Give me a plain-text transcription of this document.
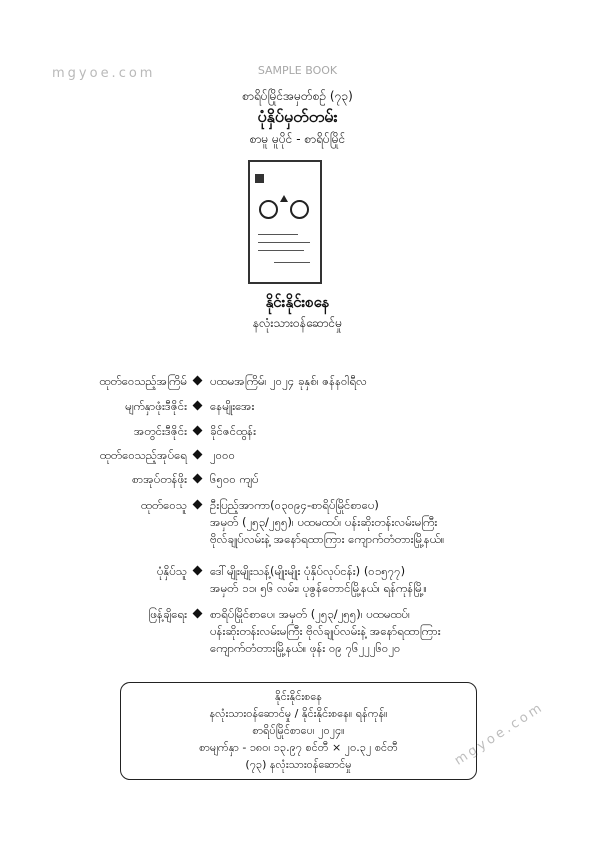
mgyoe.com	SAMPLE BOOK
mgyoe.com
စာရိပ်မြိုင်အမှတ်စဉ် (၇၃)
ပုံနှိပ်မှတ်တမ်း
စာမူ မူပိုင် - စာရိပ်မြိုင်
နိုင်းနိုင်းစနေ
နလုံးသားဝန်ဆောင်မှု
ထုတ်ဝေသည့်အကြိမ် ပထမအကြိမ်၊ ၂၀၂၄ ခုနှစ်၊ ဇန်နဝါရီလ
မျက်နှာဖုံးဒီဇိုင်း နေမျိုးအေး
အတွင်းဒီဇိုင်း ခိုင်ဇင်ထွန်း
ထုတ်ဝေသည့်အုပ်ရေ ၂၀၀၀
စာအုပ်တန်ဖိုး ၆၅၀၀ ကျပ်
ထုတ်ဝေသူ ဦးပြည့်အာကာ(၀၃၀၉၄-စာရိပ်မြိုင်စာပေ)
အမှတ် (၂၅၃/၂၅၅)၊ ပထမထပ်၊ ပန်းဆိုးတန်းလမ်းမကြီး
ဗိုလ်ချုပ်လမ်းနဲ့ အနော်ရထာကြား ကျောက်တံတားမြို့နယ်။
ပုံနှိပ်သူ ဒေါ်မျိုးမျိုးသန့်(မျိုးမျိုး ပုံနှိပ်လုပ်ငန်း) (၀၁၅၇၇)
အမှတ် ၁၁၊ ၅၆ လမ်း၊ ပုဇွန်တောင်မြို့နယ်၊ ရန်ကုန်မြို့။
ဖြန့်ချိရေး စာရိပ်မြိုင်စာပေ၊ အမှတ် (၂၅၃/၂၅၅)၊ ပထမထပ်၊
ပန်းဆိုးတန်းလမ်းမကြီး ဗိုလ်ချုပ်လမ်းနဲ့ အနော်ရထာကြား
ကျောက်တံတားမြို့နယ်။ ဖုန်း ၀၉ ၇၆၂၂၂၆၀၂၀
နိုင်းနိုင်းစနေ
နလုံးသားဝန်ဆောင်မှု / နိုင်းနိုင်းစနေ။ ရန်ကုန်။
စာရိပ်မြိုင်စာပေ၊ ၂၀၂၄။
စာမျက်နှာ - ၁၈၀၊ ၁၃.၉၇ စင်တီ × ၂၀.၃၂ စင်တီ
(၇၃) နလုံးသားဝန်ဆောင်မှု
